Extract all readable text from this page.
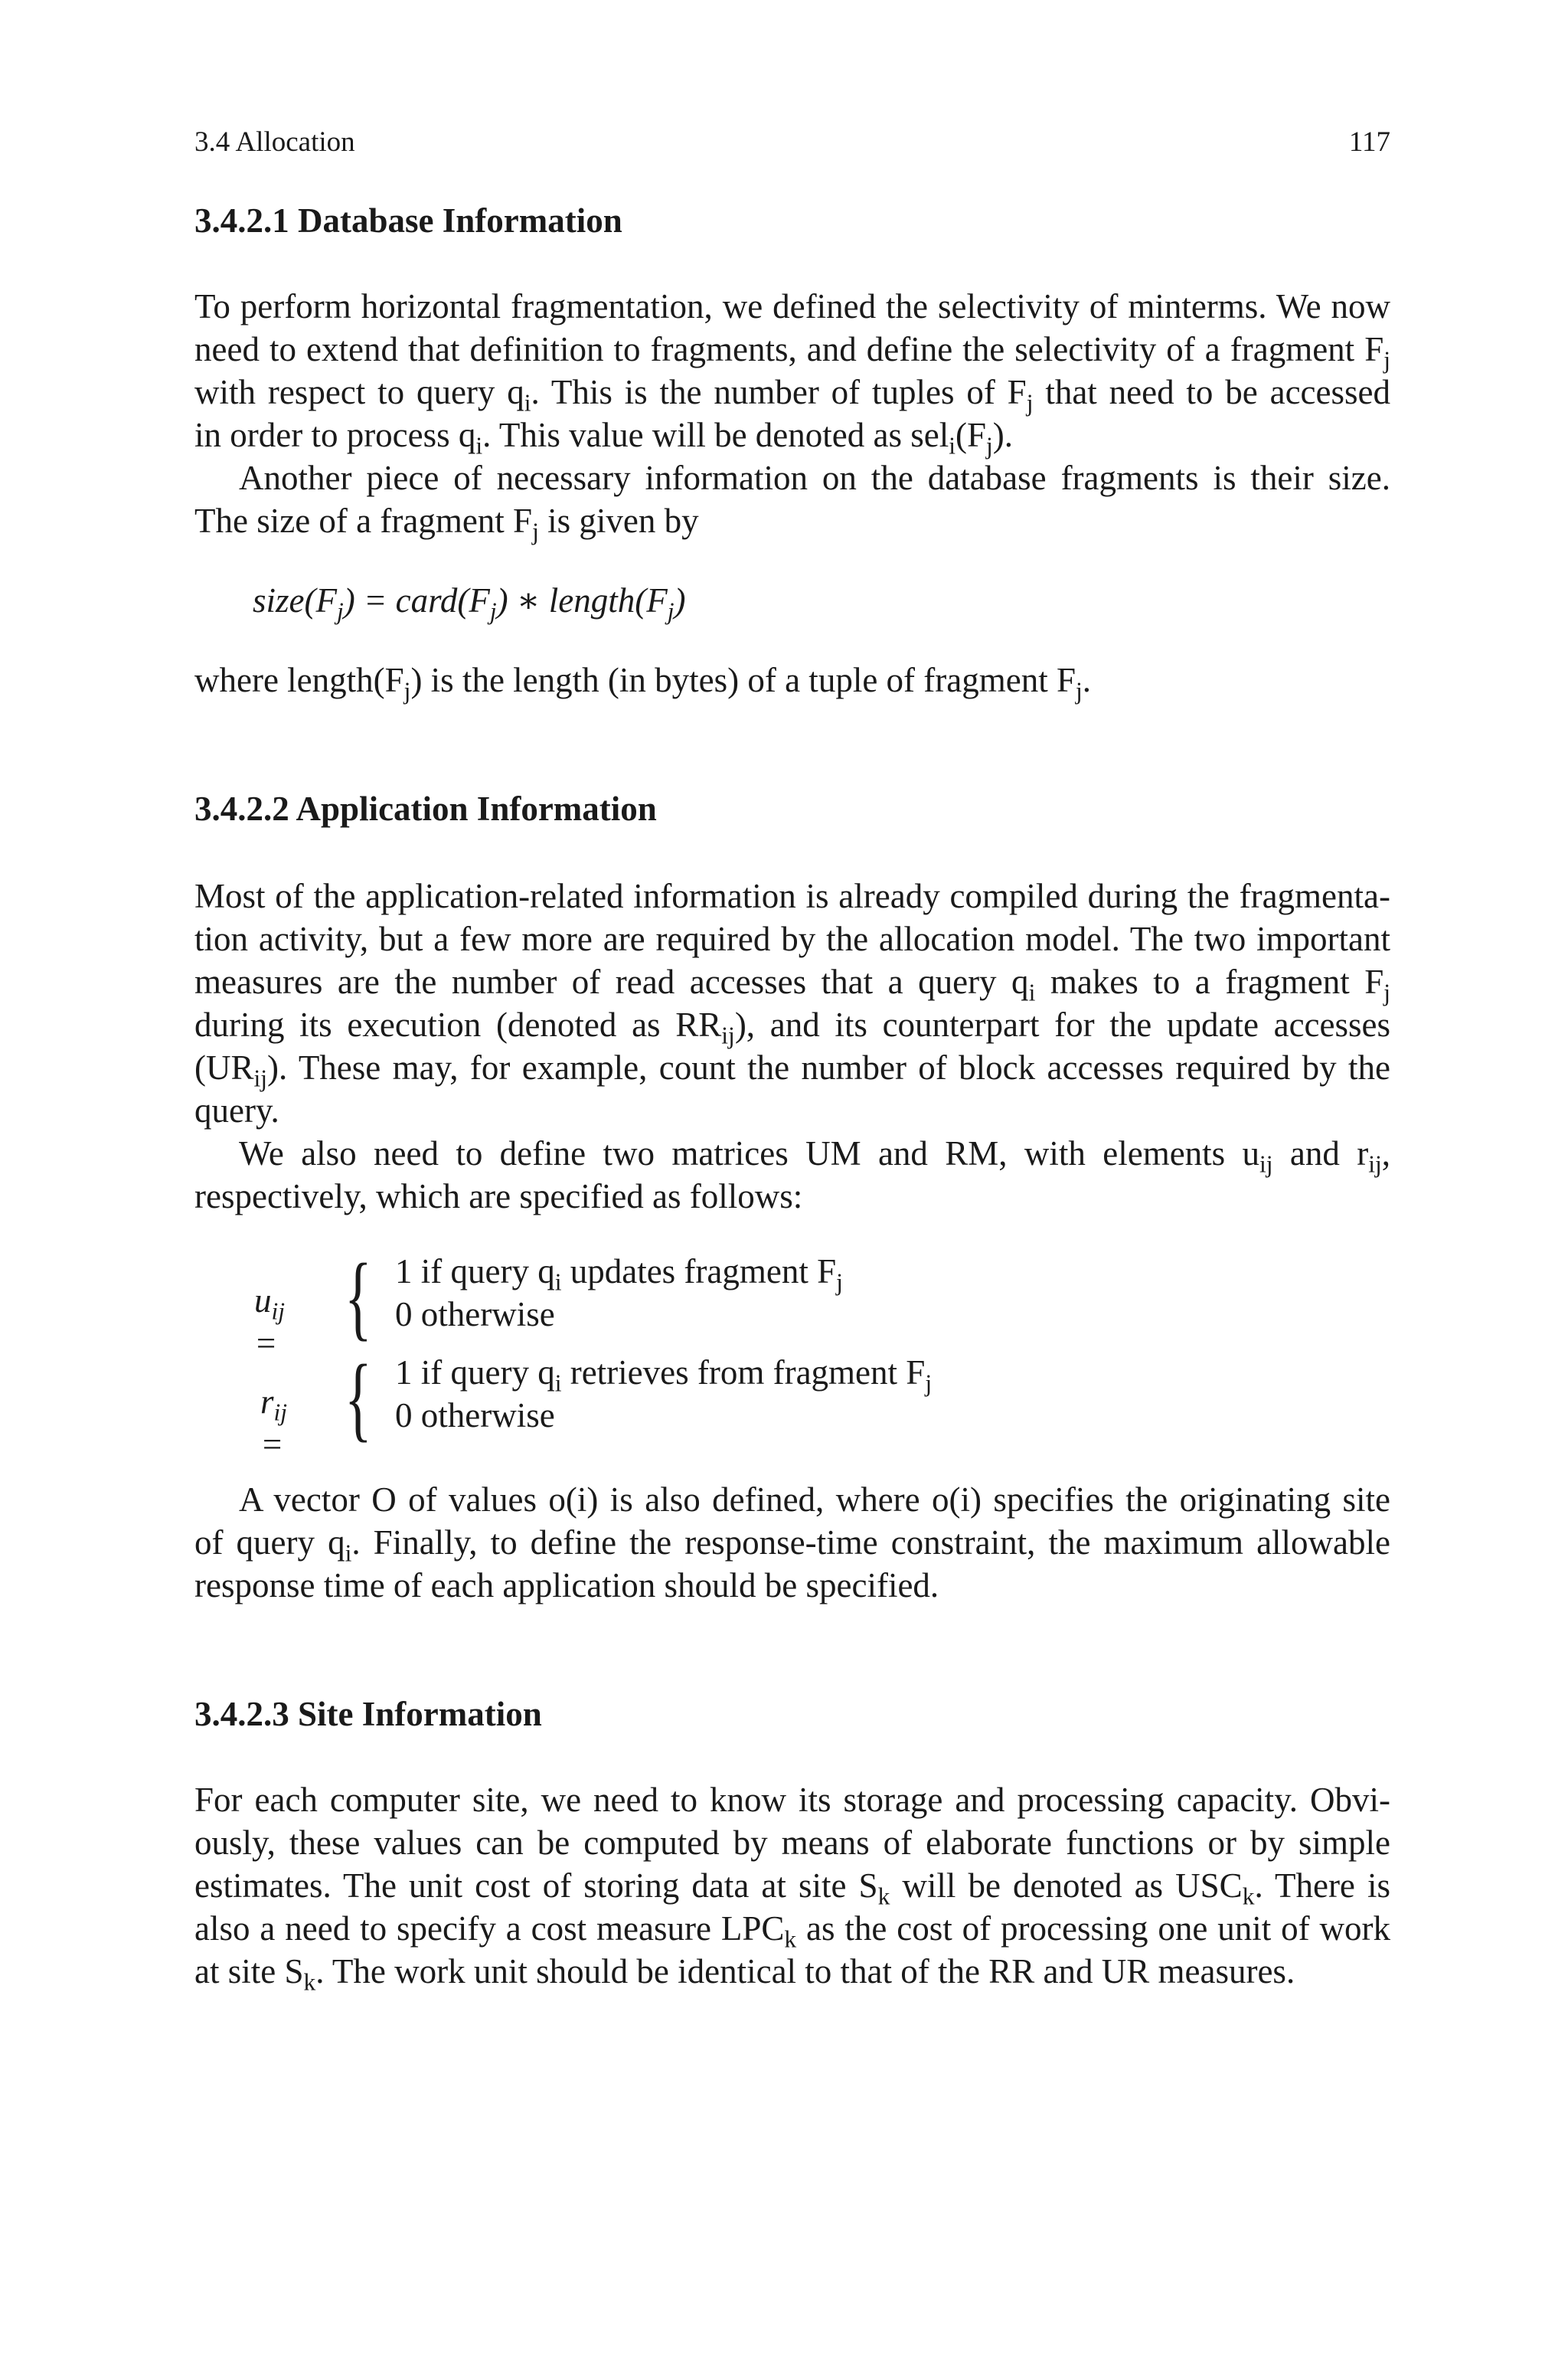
3.4 Allocation	117
3.4.2.1 Database Information
To perform horizontal fragmentation, we defined the selectivity of minterms. We now
need to extend that definition to fragments, and define the selectivity of a fragment $F_j$
with respect to query $q_i$. This is the number of tuples of $F_j$ that need to be accessed
in order to process $q_i$. This value will be denoted as $sel_i(F_j)$.
Another piece of necessary information on the database fragments is their size.
The size of a fragment $F_j$ is given by
$size(F_j)$ = $card(F_j)$ ∗ $length(F_j)$
where $length(F_j)$ is the length (in bytes) of a tuple of fragment $F_j$.
3.4.2.2 Application Information
Most of the application-related information is already compiled during the fragmenta-
tion activity, but a few more are required by the allocation model. The two important
measures are the number of read accesses that a query $q_i$ makes to a fragment $F_j$
during its execution (denoted as $RR_{ij}$), and its counterpart for the update accesses
$(UR_{ij})$. These may, for example, count the number of block accesses required by the
query.
We also need to define two matrices UM and RM, with elements $u_{ij}$ and $r_{ij}$,
respectively, which are specified as follows:
$u_{ij}$ = { 1 if query $q_i$ updates fragment $F_j$
0 otherwise
$r_{ij}$ = { 1 if query $q_i$ retrieves from fragment $F_j$
0 otherwise
A vector O of values o(i) is also defined, where o(i) specifies the originating site
of query $q_i$. Finally, to define the response-time constraint, the maximum allowable
response time of each application should be specified.
3.4.2.3 Site Information
For each computer site, we need to know its storage and processing capacity. Obvi-
ously, these values can be computed by means of elaborate functions or by simple
estimates. The unit cost of storing data at site $S_k$ will be denoted as $USC_k$. There is
also a need to specify a cost measure $LPC_k$ as the cost of processing one unit of work
at site $S_k$. The work unit should be identical to that of the RR and UR measures.
